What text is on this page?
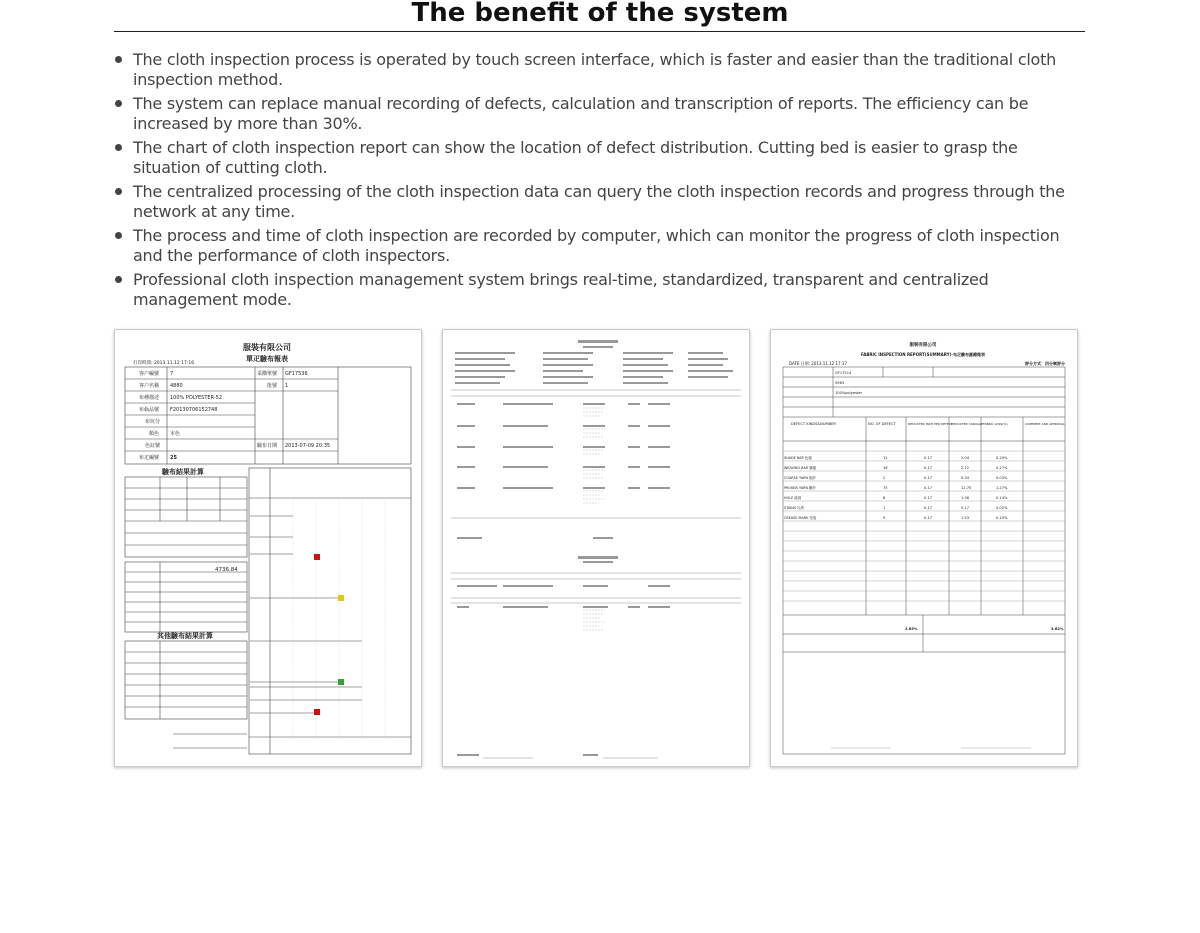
The benefit of the system
The cloth inspection process is operated by touch screen interface, which is faster and easier than the traditional cloth inspection method.
The system can replace manual recording of defects, calculation and transcription of reports. The efficiency can be increased by more than 30%.
The chart of cloth inspection report can show the location of defect distribution. Cutting bed is easier to grasp the situation of cutting cloth.
The centralized processing of the cloth inspection data can query the cloth inspection records and progress through the network at any time.
The process and time of cloth inspection are recorded by computer, which can monitor the progress of cloth inspection and the performance of cloth inspectors.
Professional cloth inspection management system brings real-time, standardized, transparent and centralized management mode.
服裝有限公司
單疋驗布報表
打印時間: 2013.11.12 17:16
客户編號 7
客户名稱 4880
布種描述 100% POLYESTER-52
布倫品號 F20130706152748
布坑分
顏色 本色
色缸號
布疋編號 25
采購單號 GF17536
批號 1
驗布日期 2013-07-09 20:35
驗布結果計算
4736.84
其他驗布結果計算
服裝有限公司
FABRIC INSPECTION REPORT(SUMMARY)-布疋驗布匯總報表
DATE 日期: 2013.11.12 17:17	評分方式：四分制評分
GF17514
5963
100%polyester
DEFECT KINDS&NUMBER	NO. OF DEFECT	DEDUCTED INCH PER DEFECT
DEDUCTED YARDAGE FABRIC LOSS(%)	COMMENT AND APPROVAL
SHADE BAR 色檔	12	0.17	2.04	0.20%
WEAVING BAR 織檔	16	0.17	2.72	0.27%
COARSE YARN 粗紗	2	0.17	0.34	0.03%
PROKEN YARN 斷紗	75	0.17	12.75	1.27%
HOLE 破洞	8	0.17	1.36	0.14%
STAINS 污漬	1	0.17	0.17	0.02%
CREASE MARK 死痕	9	0.17	1.53	0.15%
2.65%	3.62%
